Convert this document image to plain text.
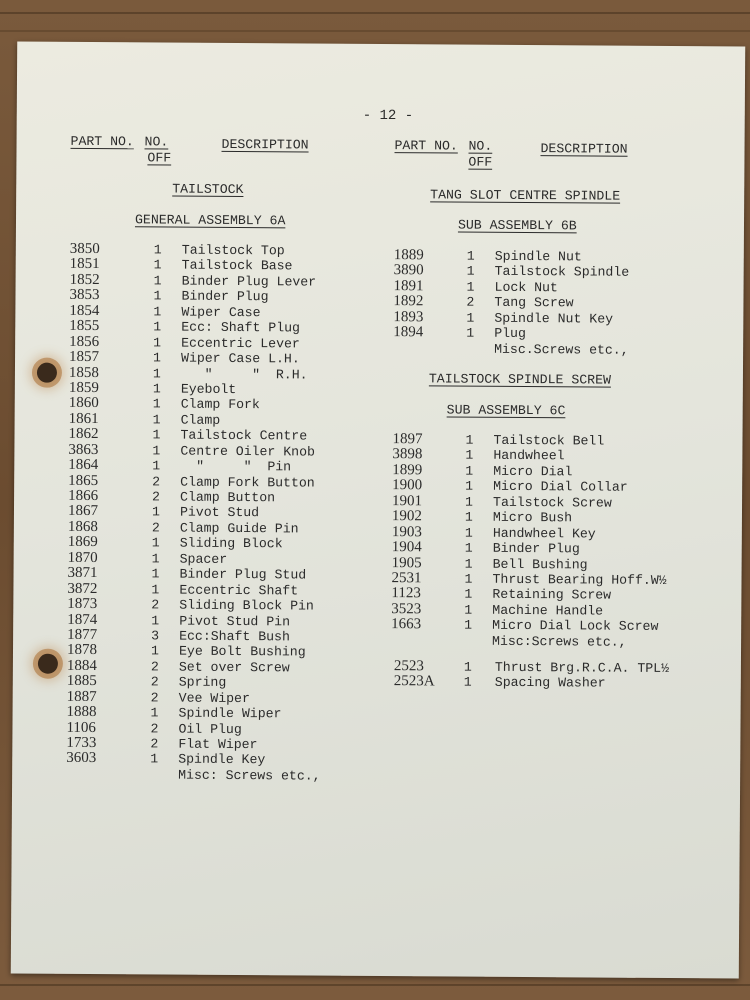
- 12 -
PART NO. NO.
OFF
DESCRIPTION
TAILSTOCK
GENERAL ASSEMBLY 6A
3850	1 Tailstock Top
1851	1 Tailstock Base
1852	1 Binder Plug Lever
3853	1 Binder Plug
1854	1 Wiper Case
1855	1 Ecc: Shaft Plug
1856	1 Eccentric Lever
1857	1 Wiper Case L.H.
1858	1 "     "  R.H.
1859	1 Eyebolt
1860	1 Clamp Fork
1861	1 Clamp
1862	1 Tailstock Centre
3863	1 Centre Oiler Knob
1864	1 "     "  Pin
1865	2 Clamp Fork Button
1866	2 Clamp Button
1867	1 Pivot Stud
1868	2 Clamp Guide Pin
1869	1 Sliding Block
1870	1 Spacer
3871	1 Binder Plug Stud
3872	1 Eccentric Shaft
1873	2 Sliding Block Pin
1874	1 Pivot Stud Pin
1877	3 Ecc:Shaft Bush
1878	1 Eye Bolt Bushing
1884	2 Set over Screw
1885	2 Spring
1887	2 Vee Wiper
1888	1 Spindle Wiper
1106	2 Oil Plug
1733	2 Flat Wiper
3603	1 Spindle Key
Misc: Screws etc.,
PART NO. NO.
OFF
DESCRIPTION
TANG SLOT CENTRE SPINDLE
SUB ASSEMBLY 6B
1889	1 Spindle Nut
3890	1 Tailstock Spindle
1891	1 Lock Nut
1892	2 Tang Screw
1893	1 Spindle Nut Key
1894	1 Plug
Misc.Screws etc.,
TAILSTOCK SPINDLE SCREW
SUB ASSEMBLY 6C
1897	1 Tailstock Bell
3898	1 Handwheel
1899	1 Micro Dial
1900	1 Micro Dial Collar
1901	1 Tailstock Screw
1902	1 Micro Bush
1903	1 Handwheel Key
1904	1 Binder Plug
1905	1 Bell Bushing
2531	1 Thrust Bearing Hoff.W½
1123	1 Retaining Screw
3523	1 Machine Handle
1663	1 Micro Dial Lock Screw
Misc:Screws etc.,
2523	1 Thrust Brg.R.C.A. TPL½
2523A 1 Spacing Washer
